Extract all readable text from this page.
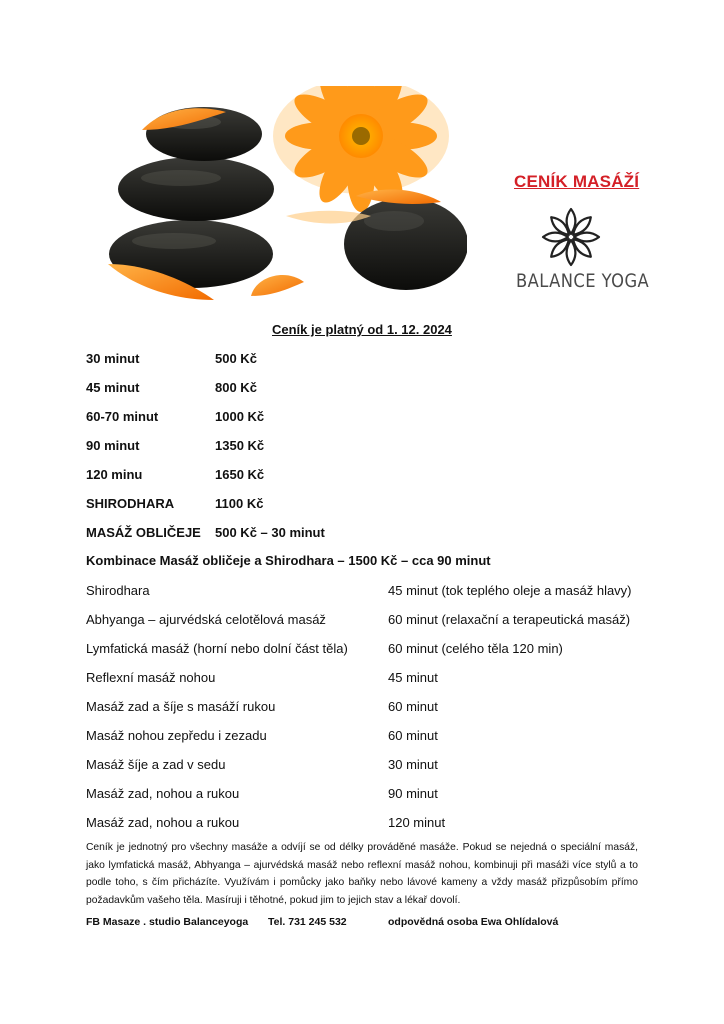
CENÍK MASÁŽÍ
BALANCE YOGA
Ceník je platný od 1. 12. 2024
30 minut	500 Kč
45 minut	800 Kč
60-70 minut	1000 Kč
90 minut	1350 Kč
120 minu	1650 Kč
SHIRODHARA	1100 Kč
MASÁŽ OBLIČEJE 500 Kč – 30 minut
Kombinace Masáž obličeje a Shirodhara – 1500 Kč – cca 90 minut
Shirodhara	45 minut (tok teplého oleje a masáž hlavy)
Abhyanga – ajurvédská celotělová masáž	60 minut (relaxační a terapeutická masáž)
Lymfatická masáž (horní nebo dolní část těla)	60 minut (celého těla 120 min)
Reflexní masáž nohou	45 minut
Masáž zad a šíje s masáží rukou	60 minut
Masáž nohou zepředu i zezadu	60 minut
Masáž šíje a zad v sedu	30 minut
Masáž zad, nohou a rukou	90 minut
Masáž zad, nohou a rukou	120 minut
Ceník je jednotný pro všechny masáže a odvíjí se od délky prováděné masáže. Pokud se nejedná o speciální masáž, jako lymfatická masáž, Abhyanga – ajurvédská masáž nebo reflexní masáž nohou, kombinuji při masáži více stylů a to podle toho, s čím přicházíte. Využívám i pomůcky jako baňky nebo lávové kameny a vždy masáž přizpůsobím přímo požadavkům vašeho těla. Masíruji i těhotné, pokud jim to jejich stav a lékař dovolí.
FB Masaze . studio Balanceyoga Tel. 731 245 532	odpovědná osoba Ewa Ohlídalová
